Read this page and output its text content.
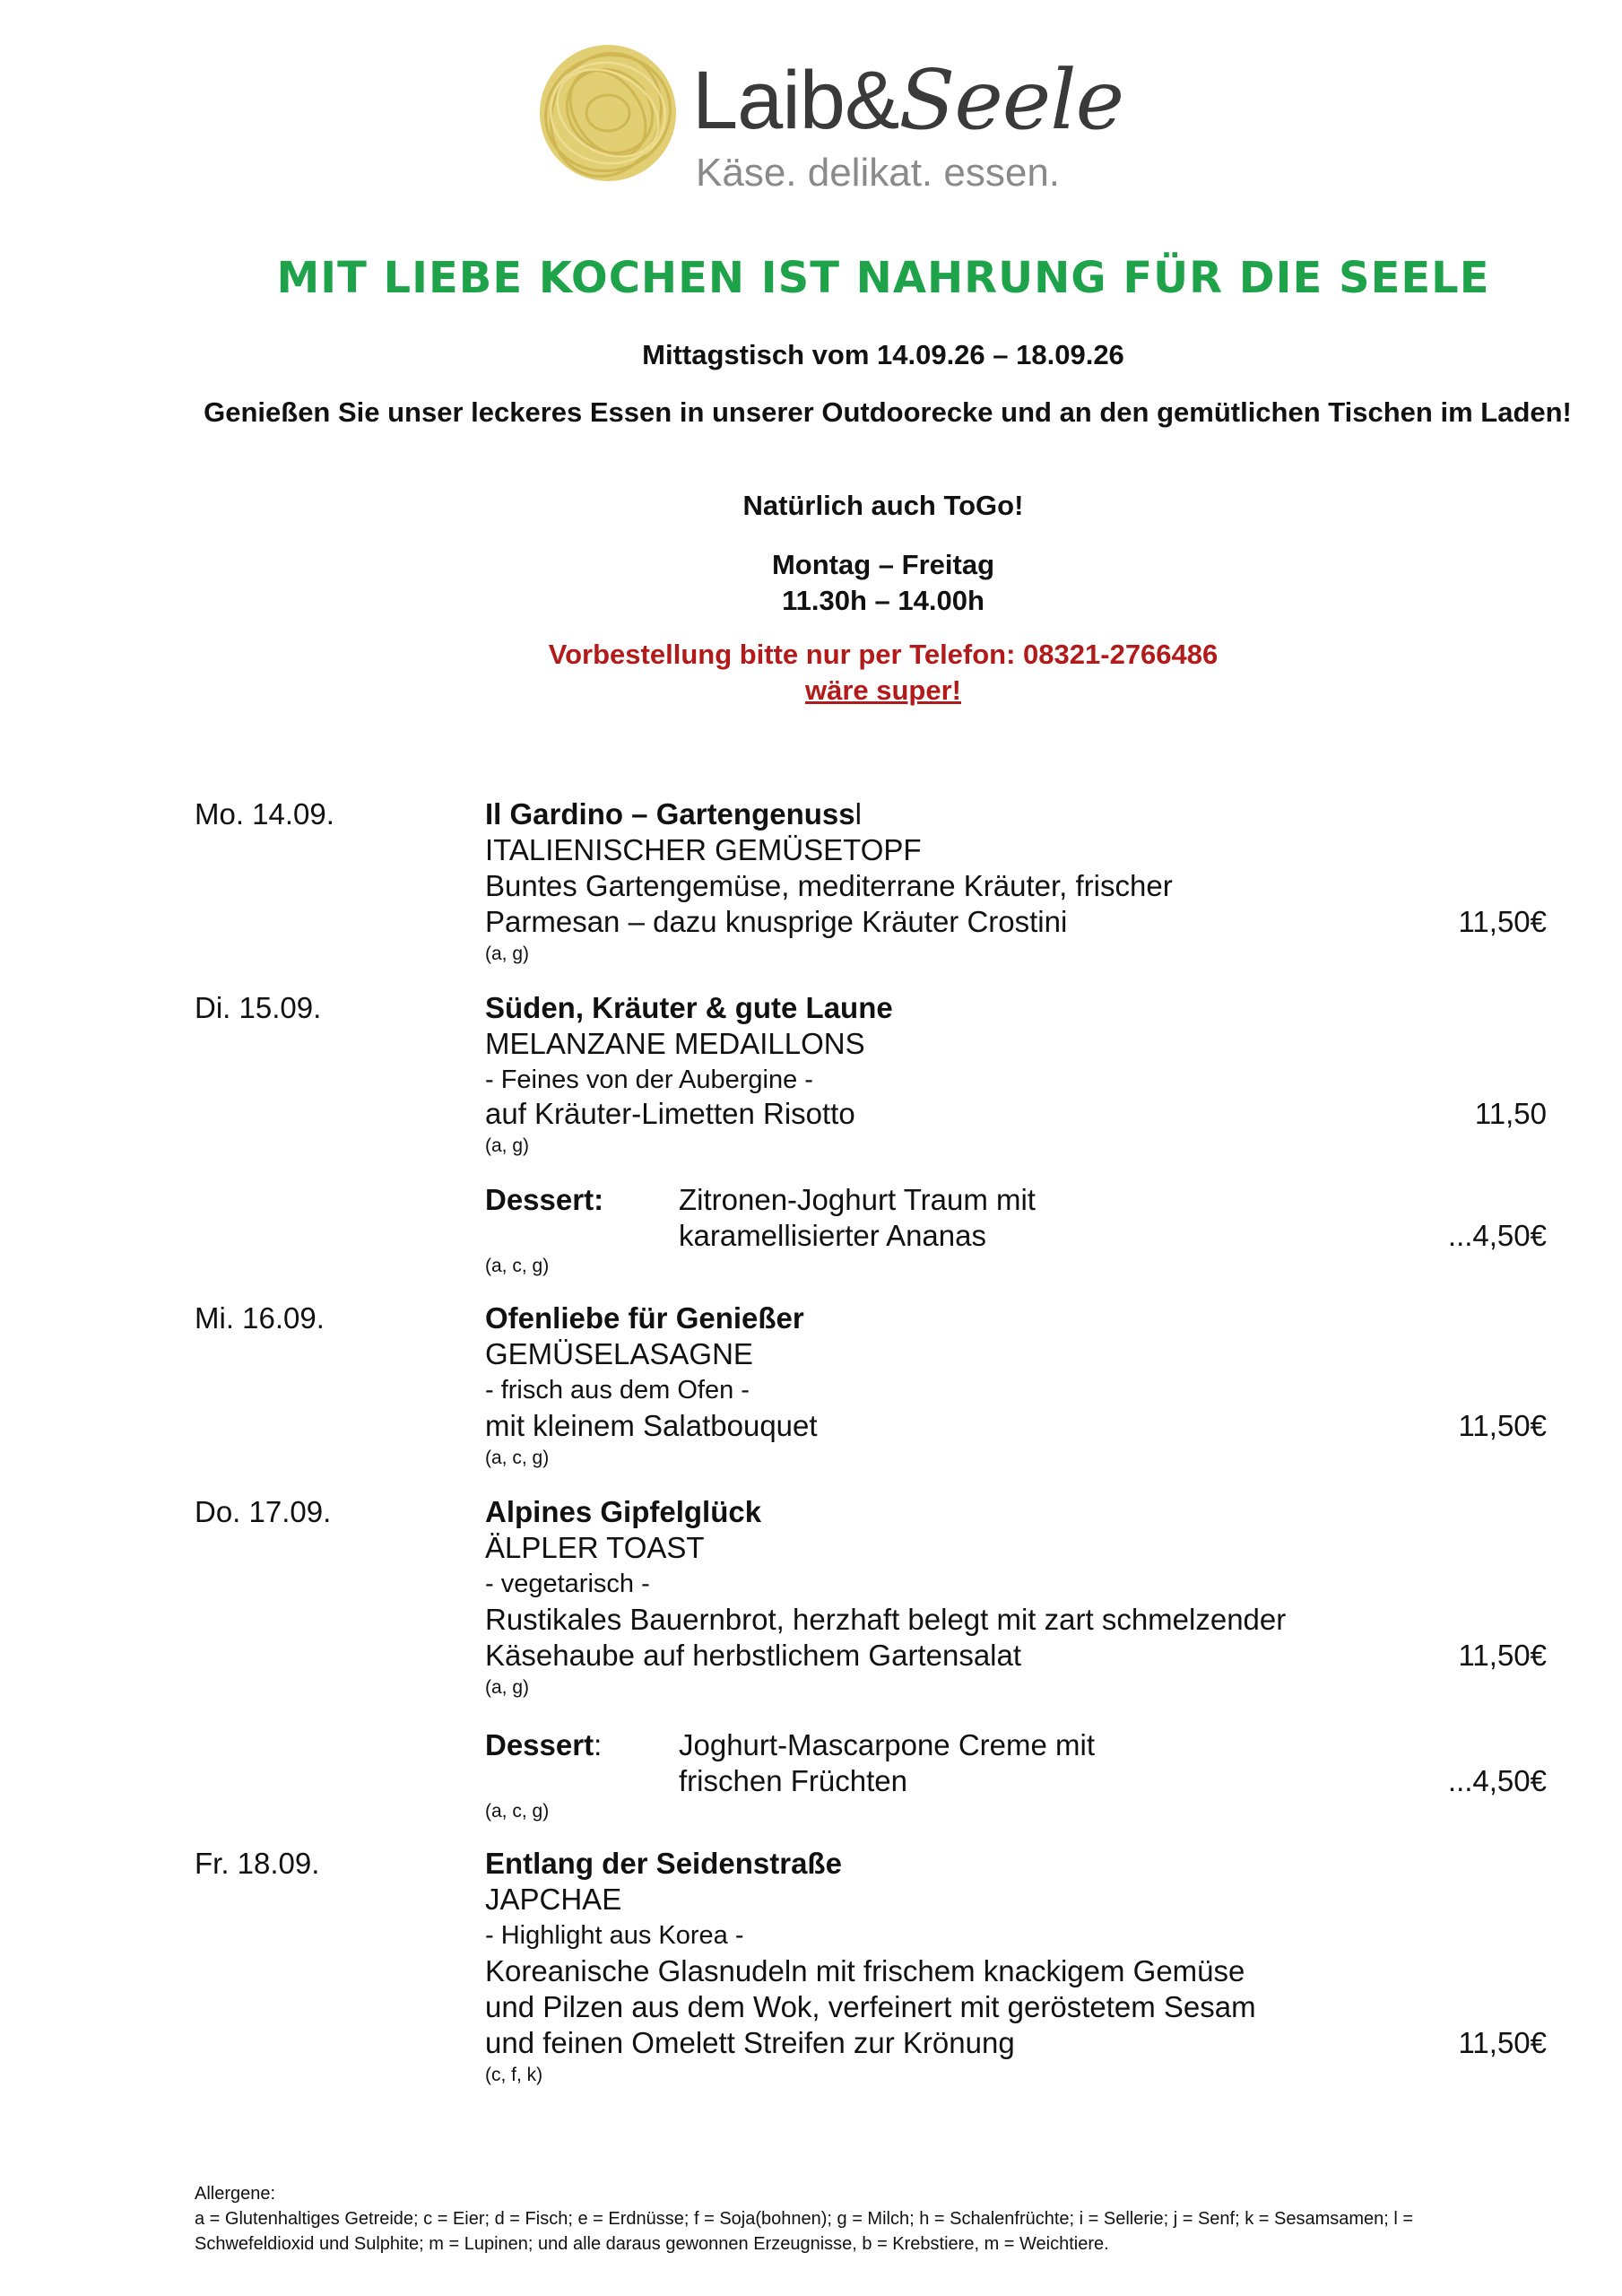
Laib&Seele
Käse. delikat. essen.
MIT LIEBE KOCHEN IST NAHRUNG FÜR DIE SEELE
Mittagstisch vom 14.09.26 – 18.09.26
Genießen Sie unser leckeres Essen in unserer Outdoorecke und an den gemütlichen Tischen im Laden!
Natürlich auch ToGo!
Montag – Freitag
11.30h – 14.00h
Vorbestellung bitte nur per Telefon: 08321-2766486
wäre super!
Mo. 14.09.	Il Gardino – Gartengenussl
ITALIENISCHER GEMÜSETOPF
Buntes Gartengemüse, mediterrane Kräuter, frischer
Parmesan – dazu knusprige Kräuter Crostini	11,50€
(a, g)
Di. 15.09.	Süden, Kräuter & gute Laune
MELANZANE MEDAILLONS
- Feines von der Aubergine -
auf Kräuter-Limetten Risotto	11,50
(a, g)
Dessert:	Zitronen-Joghurt Traum mit
karamellisierter Ananas	...4,50€
(a, c, g)
Mi. 16.09.	Ofenliebe für Genießer
GEMÜSELASAGNE
- frisch aus dem Ofen -
mit kleinem Salatbouquet	11,50€
(a, c, g)
Do. 17.09.	Alpines Gipfelglück
ÄLPLER TOAST
- vegetarisch -
Rustikales Bauernbrot, herzhaft belegt mit zart schmelzender
Käsehaube auf herbstlichem Gartensalat	11,50€
(a, g)
Dessert:	Joghurt-Mascarpone Creme mit
frischen Früchten	...4,50€
(a, c, g)
Fr. 18.09.	Entlang der Seidenstraße
JAPCHAE
- Highlight aus Korea -
Koreanische Glasnudeln mit frischem knackigem Gemüse
und Pilzen aus dem Wok, verfeinert mit geröstetem Sesam
und feinen Omelett Streifen zur Krönung	11,50€
(c, f, k)
Allergene:
a = Glutenhaltiges Getreide; c = Eier; d = Fisch; e = Erdnüsse; f = Soja(bohnen); g = Milch; h = Schalenfrüchte; i = Sellerie; j = Senf; k = Sesamsamen; l =
Schwefeldioxid und Sulphite; m = Lupinen; und alle daraus gewonnen Erzeugnisse, b = Krebstiere, m = Weichtiere.
